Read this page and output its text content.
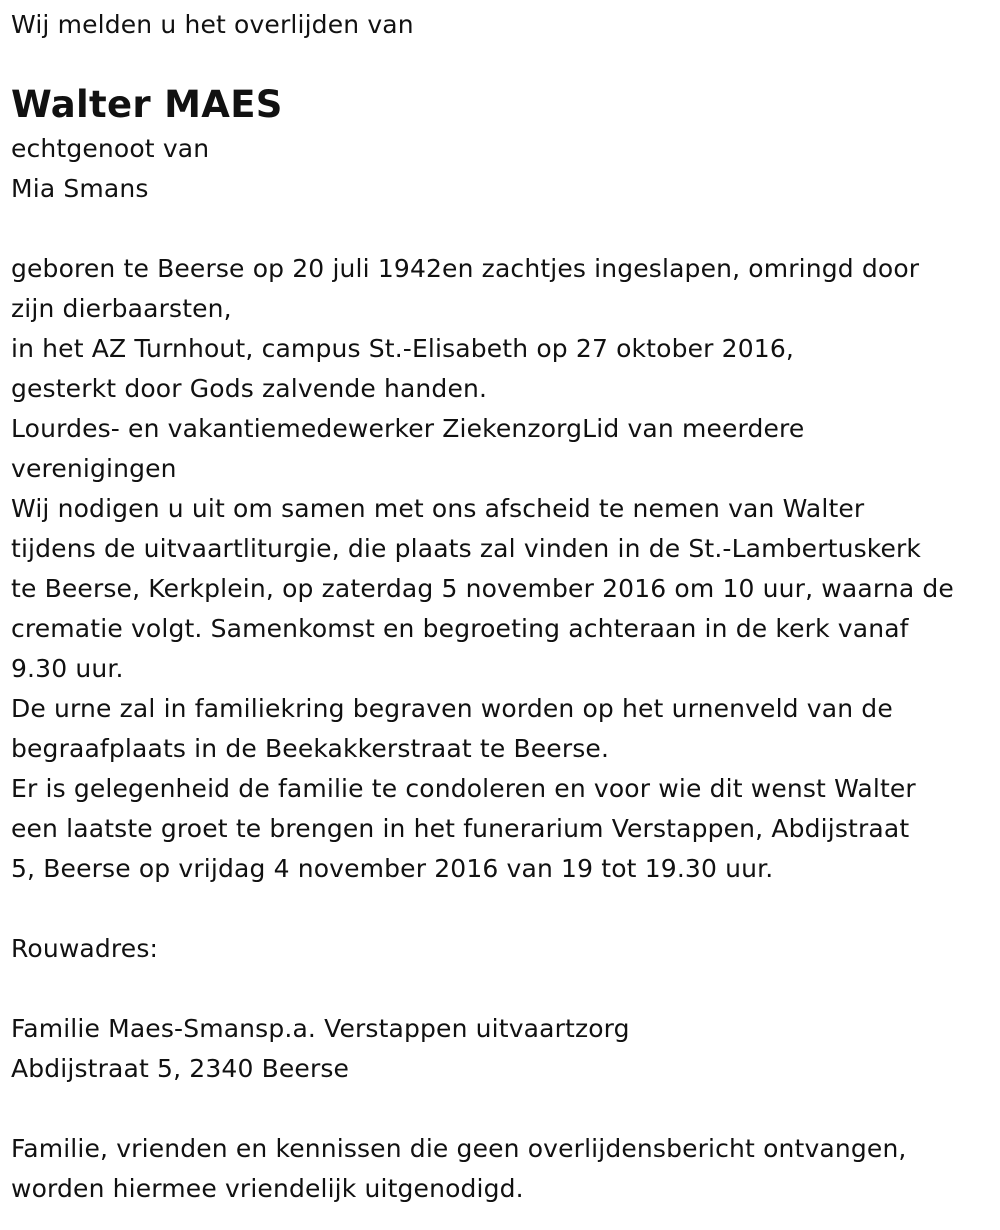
Wij melden u het overlijden van
Walter MAES
echtgenoot van
Mia Smans
geboren te Beerse op 20 juli 1942en zachtjes ingeslapen, omringd door
zijn dierbaarsten,
in het AZ Turnhout, campus St.-Elisabeth op 27 oktober 2016,
gesterkt door Gods zalvende handen.
Lourdes- en vakantiemedewerker ZiekenzorgLid van meerdere
verenigingen
Wij nodigen u uit om samen met ons afscheid te nemen van Walter
tijdens de uitvaartliturgie, die plaats zal vinden in de St.-Lambertuskerk
te Beerse, Kerkplein, op zaterdag 5 november 2016 om 10 uur, waarna de
crematie volgt. Samenkomst en begroeting achteraan in de kerk vanaf
9.30 uur.
De urne zal in familiekring begraven worden op het urnenveld van de
begraafplaats in de Beekakkerstraat te Beerse.
Er is gelegenheid de familie te condoleren en voor wie dit wenst Walter
een laatste groet te brengen in het funerarium Verstappen, Abdijstraat
5, Beerse op vrijdag 4 november 2016 van 19 tot 19.30 uur.
Rouwadres:
Familie Maes-Smansp.a. Verstappen uitvaartzorg
Abdijstraat 5, 2340 Beerse
Familie, vrienden en kennissen die geen overlijdensbericht ontvangen,
worden hiermee vriendelijk uitgenodigd.
